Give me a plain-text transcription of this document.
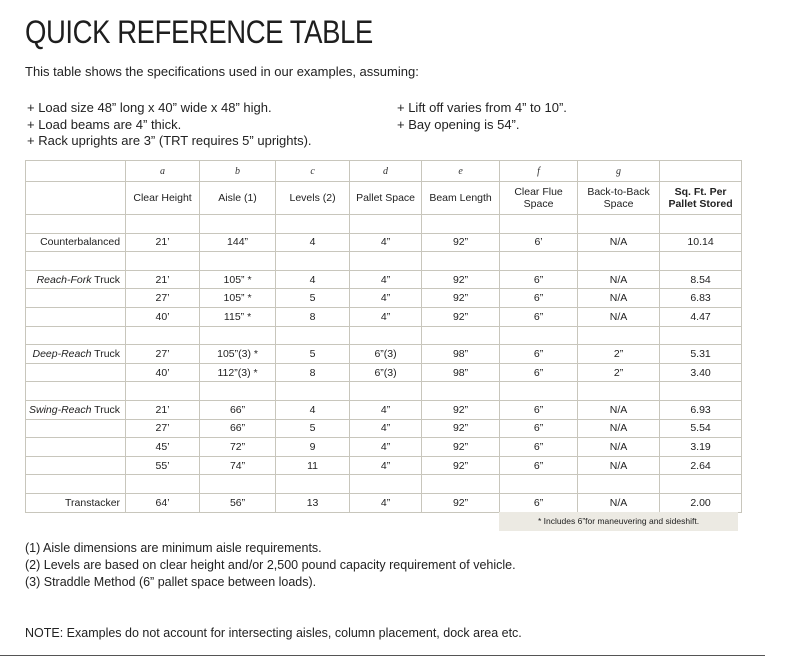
QUICK REFERENCE TABLE
This table shows the specifications used in our examples, assuming:
+ Load size 48” long x 40” wide x 48” high.
+ Load beams are 4” thick.
+ Rack uprights are 3” (TRT requires 5” uprights).
+ Lift off varies from 4” to 10”.
+ Bay opening is 54”.
	a	b	c	d	e	f	g	
	Clear Height	Aisle (1)	Levels (2)	Pallet Space	Beam Length	Clear Flue Space	Back-to-Back Space	Sq. Ft. Per Pallet Stored

Counterbalanced	21’	144”	4	4”	92”	6’	N/A	10.14

Reach-Fork Truck	21’	105” *	4	4”	92”	6”	N/A	8.54
	27’	105” *	5	4”	92”	6”	N/A	6.83
	40’	115” *	8	4”	92”	6”	N/A	4.47

Deep-Reach Truck	27’	105”(3) *	5	6”(3)	98”	6”	2”	5.31
	40’	112”(3) *	8	6”(3)	98”	6”	2”	3.40

Swing-Reach Truck	21’	66”	4	4”	92”	6”	N/A	6.93
	27’	66”	5	4”	92”	6”	N/A	5.54
	45’	72”	9	4”	92”	6”	N/A	3.19
	55’	74”	11	4”	92”	6”	N/A	2.64

Transtacker	64’	56”	13	4”	92”	6”	N/A	2.00
* Includes 6”for maneuvering and sideshift.
(1) Aisle dimensions are minimum aisle requirements.
(2) Levels are based on clear height and/or 2,500 pound capacity requirement of vehicle.
(3) Straddle Method (6” pallet space between loads).
NOTE: Examples do not account for intersecting aisles, column placement, dock area etc.
